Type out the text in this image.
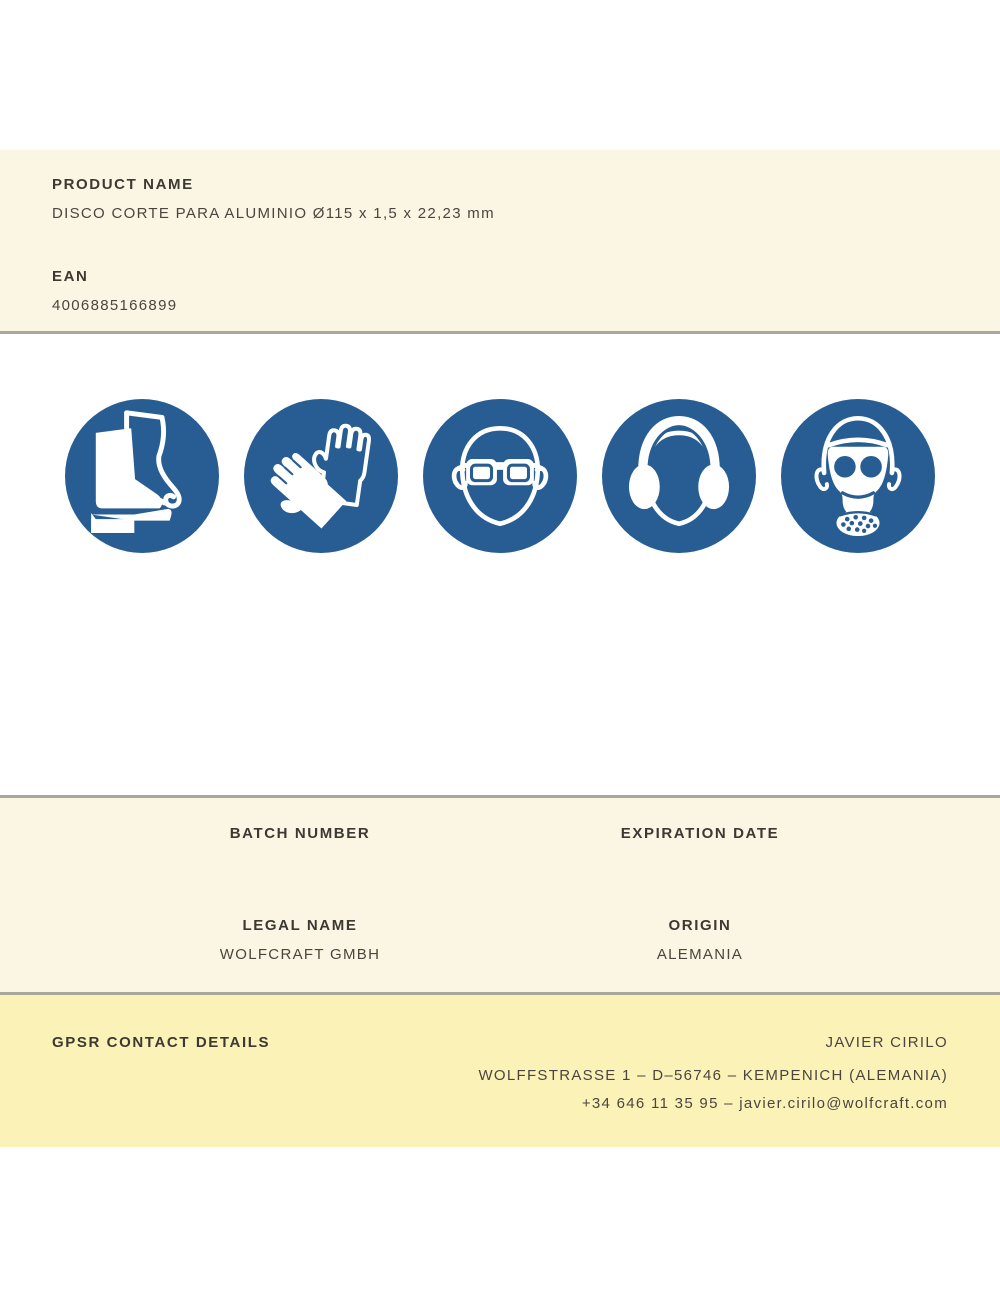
PRODUCT NAME
DISCO CORTE PARA ALUMINIO Ø115 x 1,5 x 22,23 mm
EAN
4006885166899
BATCH NUMBER	EXPIRATION DATE
LEGAL NAME
WOLFCRAFT GMBH
ORIGIN
ALEMANIA
GPSR CONTACT DETAILS	JAVIER CIRILO
WOLFFSTRASSE 1 – D–56746 – KEMPENICH (ALEMANIA)
+34 646 11 35 95 – javier.cirilo@wolfcraft.com
